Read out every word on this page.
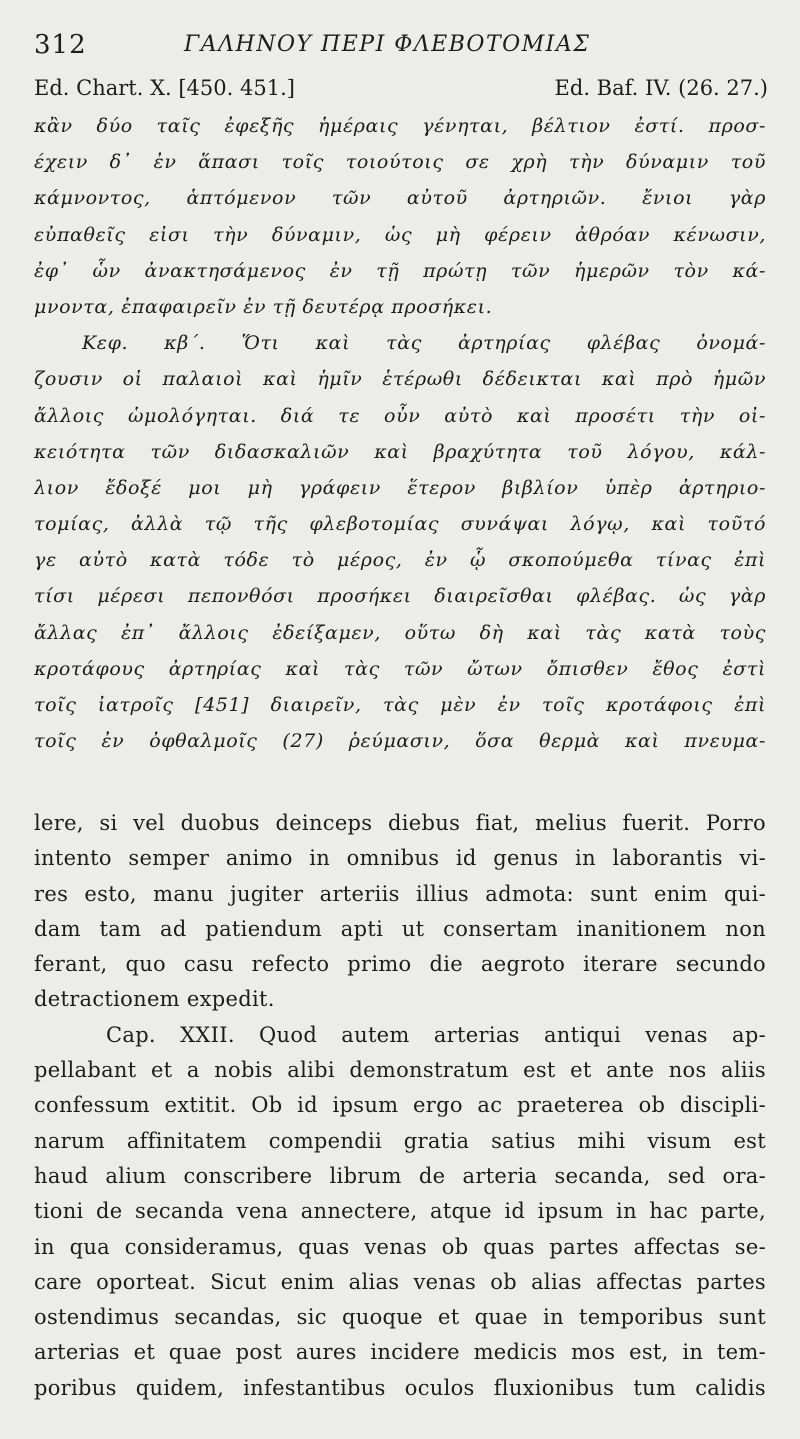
312	ΓΑΛΗΝΟΥ ΠΕΡΙ ΦΛΕΒΟΤΟΜΙΑΣ
Ed. Chart. X. [450. 451.]	Ed. Baf. IV. (26. 27.)
κἂν δύο ταῖς ἐφεξῆς ἡμέραις γένηται, βέλτιον ἐστί. προσ-
έχειν δ᾽ ἐν ἅπασι τοῖς τοιούτοις σε χρὴ τὴν δύναμιν τοῦ
κάμνοντος, ἁπτόμενον τῶν αὐτοῦ ἀρτηριῶν. ἔνιοι γὰρ
εὐπαθεῖς εἰσι τὴν δύναμιν, ὡς μὴ φέρειν ἀθρόαν κένωσιν,
ἐφ᾽ ὧν ἀνακτησάμενος ἐν τῇ πρώτῃ τῶν ἡμερῶν τὸν κά-
μνοντα, ἐπαφαιρεῖν ἐν τῇ δευτέρᾳ προσήκει.
Κεφ. κβ΄. Ὅτι καὶ τὰς ἀρτηρίας φλέβας ὀνομά-
ζουσιν οἱ παλαιοὶ καὶ ἡμῖν ἑτέρωθι δέδεικται καὶ πρὸ ἡμῶν
ἄλλοις ὡμολόγηται. διά τε οὖν αὐτὸ καὶ προσέτι τὴν οἰ-
κειότητα τῶν διδασκαλιῶν καὶ βραχύτητα τοῦ λόγου, κάλ-
λιον ἔδοξέ μοι μὴ γράφειν ἕτερον βιβλίον ὑπὲρ ἀρτηριο-
τομίας, ἀλλὰ τῷ τῆς φλεβοτομίας συνάψαι λόγῳ, καὶ τοῦτό
γε αὐτὸ κατὰ τόδε τὸ μέρος, ἐν ᾧ σκοπούμεθα τίνας ἐπὶ
τίσι μέρεσι πεπονθόσι προσήκει διαιρεῖσθαι φλέβας. ὡς γὰρ
ἄλλας ἐπ᾽ ἄλλοις ἐδείξαμεν, οὕτω δὴ καὶ τὰς κατὰ τοὺς
κροτάφους ἀρτηρίας καὶ τὰς τῶν ὤτων ὄπισθεν ἔθος ἐστὶ
τοῖς ἰατροῖς [451] διαιρεῖν, τὰς μὲν ἐν τοῖς κροτάφοις ἐπὶ
τοῖς ἐν ὀφθαλμοῖς (27) ῥεύμασιν, ὅσα θερμὰ καὶ πνευμα-
lere, si vel duobus deinceps diebus fiat, melius fuerit. Porro
intento semper animo in omnibus id genus in laborantis vi-
res esto, manu jugiter arteriis illius admota: sunt enim qui-
dam tam ad patiendum apti ut consertam inanitionem non
ferant, quo casu refecto primo die aegroto iterare secundo
detractionem expedit.
Cap. XXII. Quod autem arterias antiqui venas ap-
pellabant et a nobis alibi demonstratum est et ante nos aliis
confessum extitit. Ob id ipsum ergo ac praeterea ob discipli-
narum affinitatem compendii gratia satius mihi visum est
haud alium conscribere librum de arteria secanda, sed ora-
tioni de secanda vena annectere, atque id ipsum in hac parte,
in qua consideramus, quas venas ob quas partes affectas se-
care oporteat. Sicut enim alias venas ob alias affectas partes
ostendimus secandas, sic quoque et quae in temporibus sunt
arterias et quae post aures incidere medicis mos est, in tem-
poribus quidem, infestantibus oculos fluxionibus tum calidis
